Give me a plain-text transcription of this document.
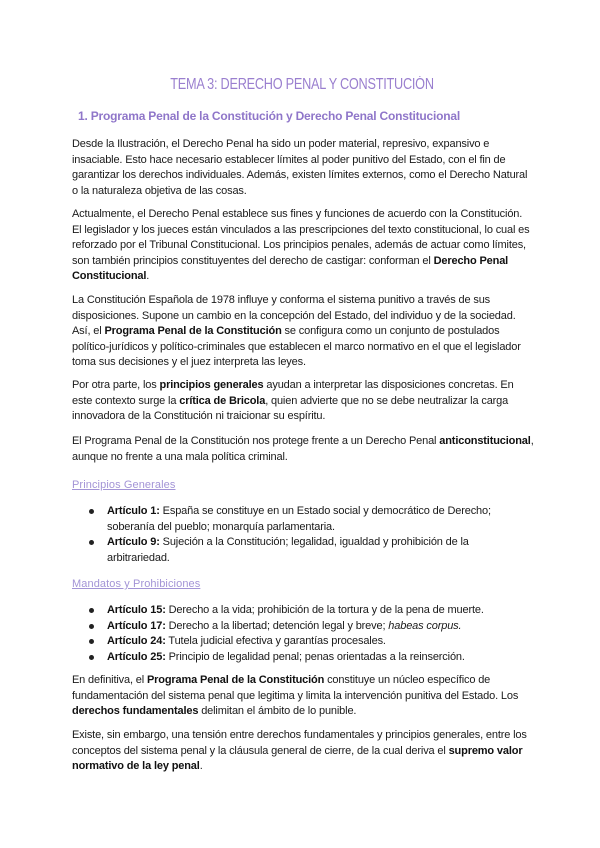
TEMA 3: DERECHO PENAL Y CONSTITUCIÓN
1. Programa Penal de la Constitución y Derecho Penal Constitucional

Desde la Ilustración, el Derecho Penal ha sido un poder material, represivo, expansivo e insaciable. Esto hace necesario establecer límites al poder punitivo del Estado, con el fin de garantizar los derechos individuales. Además, existen límites externos, como el Derecho Natural o la naturaleza objetiva de las cosas.

Actualmente, el Derecho Penal establece sus fines y funciones de acuerdo con la Constitución. El legislador y los jueces están vinculados a las prescripciones del texto constitucional, lo cual es reforzado por el Tribunal Constitucional. Los principios penales, además de actuar como límites, son también principios constituyentes del derecho de castigar: conforman el Derecho Penal Constitucional.

La Constitución Española de 1978 influye y conforma el sistema punitivo a través de sus disposiciones. Supone un cambio en la concepción del Estado, del individuo y de la sociedad. Así, el Programa Penal de la Constitución se configura como un conjunto de postulados político-jurídicos y político-criminales que establecen el marco normativo en el que el legislador toma sus decisiones y el juez interpreta las leyes.

Por otra parte, los principios generales ayudan a interpretar las disposiciones concretas. En este contexto surge la crítica de Bricola, quien advierte que no se debe neutralizar la carga innovadora de la Constitución ni traicionar su espíritu.

El Programa Penal de la Constitución nos protege frente a un Derecho Penal anticonstitucional, aunque no frente a una mala política criminal.

Principios Generales
Artículo 1: España se constituye en un Estado social y democrático de Derecho; soberanía del pueblo; monarquía parlamentaria.
Artículo 9: Sujeción a la Constitución; legalidad, igualdad y prohibición de la arbitrariedad.
Mandatos y Prohibiciones
Artículo 15: Derecho a la vida; prohibición de la tortura y de la pena de muerte.
Artículo 17: Derecho a la libertad; detención legal y breve; habeas corpus.
Artículo 24: Tutela judicial efectiva y garantías procesales.
Artículo 25: Principio de legalidad penal; penas orientadas a la reinserción.

En definitiva, el Programa Penal de la Constitución constituye un núcleo específico de fundamentación del sistema penal que legitima y limita la intervención punitiva del Estado. Los derechos fundamentales delimitan el ámbito de lo punible.

Existe, sin embargo, una tensión entre derechos fundamentales y principios generales, entre los conceptos del sistema penal y la cláusula general de cierre, de la cual deriva el supremo valor normativo de la ley penal.
